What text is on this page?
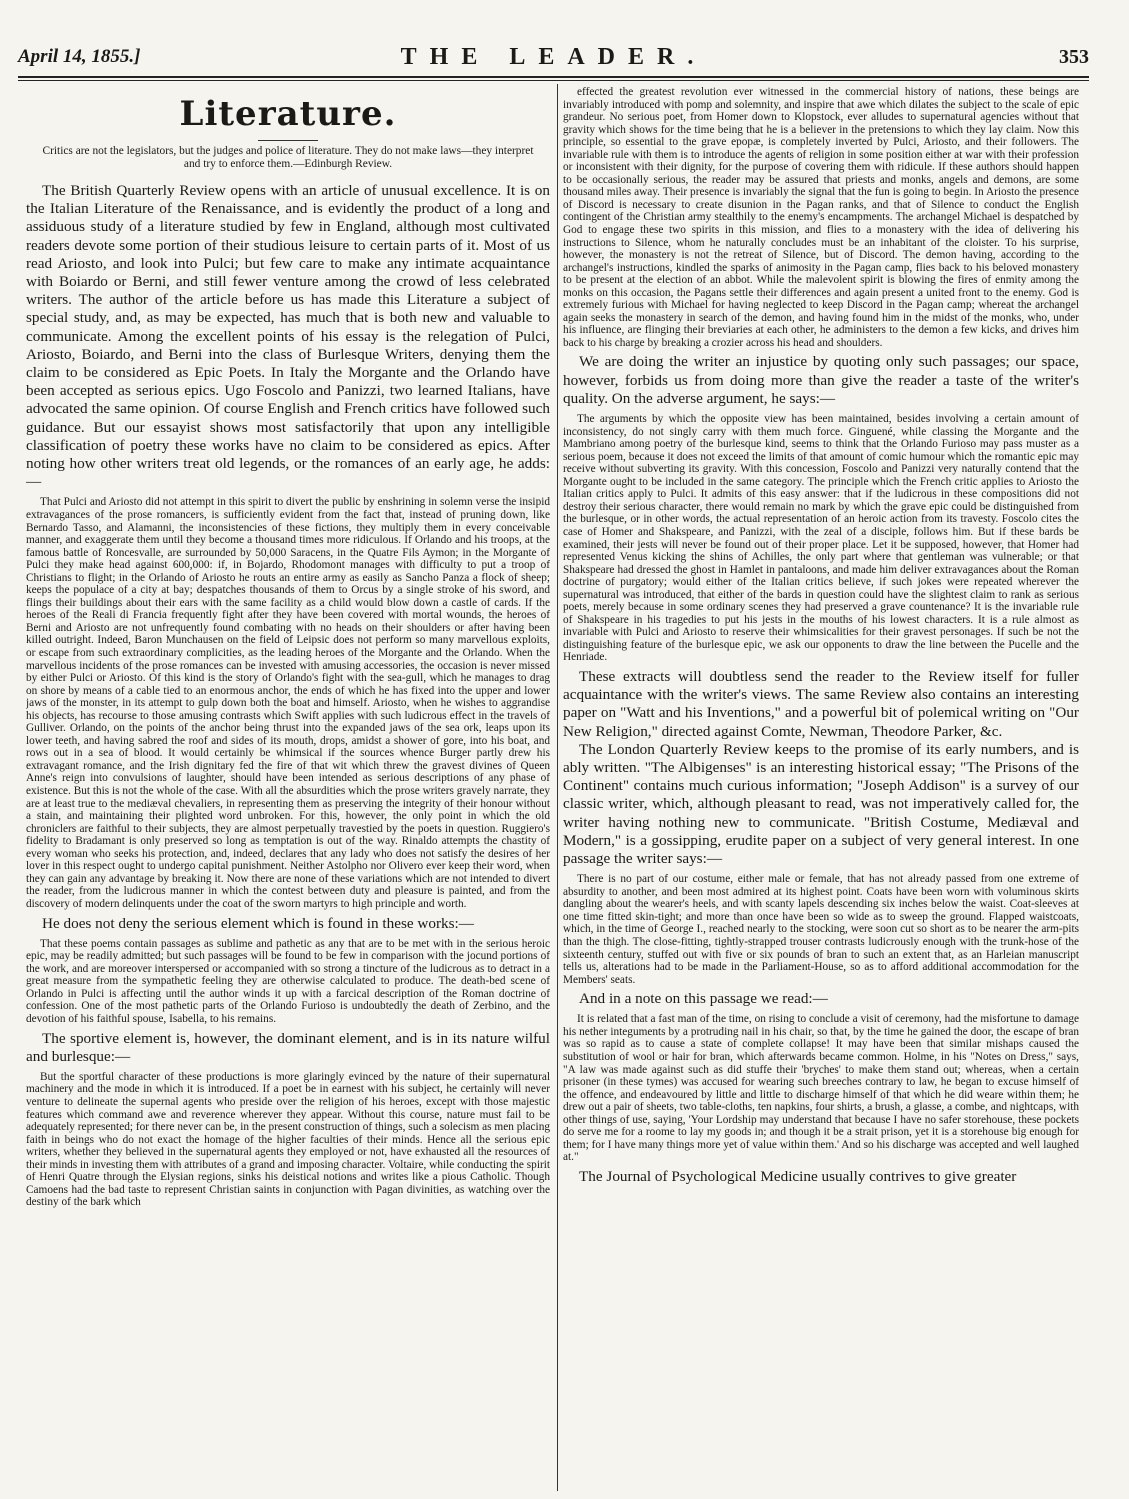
April 14, 1855.]	THE LEADER.	353
Literature.
Critics are not the legislators, but the judges and police of literature. They do not make laws—they interpret and try to enforce them.—Edinburgh Review.

The British Quarterly Review opens with an article of unusual excellence. It is on the Italian Literature of the Renaissance, and is evidently the product of a long and assiduous study of a literature studied by few in England, although most cultivated readers devote some portion of their studious leisure to certain parts of it. Most of us read Ariosto, and look into Pulci; but few care to make any intimate acquaintance with Boiardo or Berni, and still fewer venture among the crowd of less celebrated writers. The author of the article before us has made this Literature a subject of special study, and, as may be expected, has much that is both new and valuable to communicate. Among the excellent points of his essay is the relegation of Pulci, Ariosto, Boiardo, and Berni into the class of Burlesque Writers, denying them the claim to be considered as Epic Poets. In Italy the Morgante and the Orlando have been accepted as serious epics. Ugo Foscolo and Panizzi, two learned Italians, have advocated the same opinion. Of course English and French critics have followed such guidance. But our essayist shows most satisfactorily that upon any intelligible classification of poetry these works have no claim to be considered as epics. After noting how other writers treat old legends, or the romances of an early age, he adds:—

That Pulci and Ariosto did not attempt in this spirit to divert the public by enshrining in solemn verse the insipid extravagances of the prose romancers, is sufficiently evident from the fact that, instead of pruning down, like Bernardo Tasso, and Alamanni, the inconsistencies of these fictions, they multiply them in every conceivable manner, and exaggerate them until they become a thousand times more ridiculous. If Orlando and his troops, at the famous battle of Roncesvalle, are surrounded by 50,000 Saracens, in the Quatre Fils Aymon; in the Morgante of Pulci they make head against 600,000: if, in Bojardo, Rhodomont manages with difficulty to put a troop of Christians to flight; in the Orlando of Ariosto he routs an entire army as easily as Sancho Panza a flock of sheep; keeps the populace of a city at bay; despatches thousands of them to Orcus by a single stroke of his sword, and flings their buildings about their ears with the same facility as a child would blow down a castle of cards. If the heroes of the Reali di Francia frequently fight after they have been covered with mortal wounds, the heroes of Berni and Ariosto are not unfrequently found combating with no heads on their shoulders or after having been killed outright. Indeed, Baron Munchausen on the field of Leipsic does not perform so many marvellous exploits, or escape from such extraordinary complicities, as the leading heroes of the Morgante and the Orlando. When the marvellous incidents of the prose romances can be invested with amusing accessories, the occasion is never missed by either Pulci or Ariosto. Of this kind is the story of Orlando's fight with the sea-gull, which he manages to drag on shore by means of a cable tied to an enormous anchor, the ends of which he has fixed into the upper and lower jaws of the monster, in its attempt to gulp down both the boat and himself. Ariosto, when he wishes to aggrandise his objects, has recourse to those amusing contrasts which Swift applies with such ludicrous effect in the travels of Gulliver. Orlando, on the points of the anchor being thrust into the expanded jaws of the sea ork, leaps upon its lower teeth, and having sabred the roof and sides of its mouth, drops, amidst a shower of gore, into his boat, and rows out in a sea of blood. It would certainly be whimsical if the sources whence Burger partly drew his extravagant romance, and the Irish dignitary fed the fire of that wit which threw the gravest divines of Queen Anne's reign into convulsions of laughter, should have been intended as serious descriptions of any phase of existence. But this is not the whole of the case. With all the absurdities which the prose writers gravely narrate, they are at least true to the mediæval chevaliers, in representing them as preserving the integrity of their honour without a stain, and maintaining their plighted word unbroken. For this, however, the only point in which the old chroniclers are faithful to their subjects, they are almost perpetually travestied by the poets in question. Ruggiero's fidelity to Bradamant is only preserved so long as temptation is out of the way. Rinaldo attempts the chastity of every woman who seeks his protection, and, indeed, declares that any lady who does not satisfy the desires of her lover in this respect ought to undergo capital punishment. Neither Astolpho nor Olivero ever keep their word, when they can gain any advantage by breaking it. Now there are none of these variations which are not intended to divert the reader, from the ludicrous manner in which the contest between duty and pleasure is painted, and from the discovery of modern delinquents under the coat of the sworn martyrs to high principle and worth.

He does not deny the serious element which is found in these works:—

That these poems contain passages as sublime and pathetic as any that are to be met with in the serious heroic epic, may be readily admitted; but such passages will be found to be few in comparison with the jocund portions of the work, and are moreover interspersed or accompanied with so strong a tincture of the ludicrous as to detract in a great measure from the sympathetic feeling they are otherwise calculated to produce. The death-bed scene of Orlando in Pulci is affecting until the author winds it up with a farcical description of the Roman doctrine of confession. One of the most pathetic parts of the Orlando Furioso is undoubtedly the death of Zerbino, and the devotion of his faithful spouse, Isabella, to his remains.

The sportive element is, however, the dominant element, and is in its nature wilful and burlesque:—

But the sportful character of these productions is more glaringly evinced by the nature of their supernatural machinery and the mode in which it is introduced. If a poet be in earnest with his subject, he certainly will never venture to delineate the supernal agents who preside over the religion of his heroes, except with those majestic features which command awe and reverence wherever they appear. Without this course, nature must fail to be adequately represented; for there never can be, in the present construction of things, such a solecism as men placing faith in beings who do not exact the homage of the higher faculties of their minds. Hence all the serious epic writers, whether they believed in the supernatural agents they employed or not, have exhausted all the resources of their minds in investing them with attributes of a grand and imposing character. Voltaire, while conducting the spirit of Henri Quatre through the Elysian regions, sinks his deistical notions and writes like a pious Catholic. Though Camoens had the bad taste to represent Christian saints in conjunction with Pagan divinities, as watching over the destiny of the bark which

effected the greatest revolution ever witnessed in the commercial history of nations, these beings are invariably introduced with pomp and solemnity, and inspire that awe which dilates the subject to the scale of epic grandeur. No serious poet, from Homer down to Klopstock, ever alludes to supernatural agencies without that gravity which shows for the time being that he is a believer in the pretensions to which they lay claim. Now this principle, so essential to the grave epopæ, is completely inverted by Pulci, Ariosto, and their followers. The invariable rule with them is to introduce the agents of religion in some position either at war with their profession or inconsistent with their dignity, for the purpose of covering them with ridicule. If these authors should happen to be occasionally serious, the reader may be assured that priests and monks, angels and demons, are some thousand miles away. Their presence is invariably the signal that the fun is going to begin. In Ariosto the presence of Discord is necessary to create disunion in the Pagan ranks, and that of Silence to conduct the English contingent of the Christian army stealthily to the enemy's encampments. The archangel Michael is despatched by God to engage these two spirits in this mission, and flies to a monastery with the idea of delivering his instructions to Silence, whom he naturally concludes must be an inhabitant of the cloister. To his surprise, however, the monastery is not the retreat of Silence, but of Discord. The demon having, according to the archangel's instructions, kindled the sparks of animosity in the Pagan camp, flies back to his beloved monastery to be present at the election of an abbot. While the malevolent spirit is blowing the fires of enmity among the monks on this occasion, the Pagans settle their differences and again present a united front to the enemy. God is extremely furious with Michael for having neglected to keep Discord in the Pagan camp; whereat the archangel again seeks the monastery in search of the demon, and having found him in the midst of the monks, who, under his influence, are flinging their breviaries at each other, he administers to the demon a few kicks, and drives him back to his charge by breaking a crozier across his head and shoulders.

We are doing the writer an injustice by quoting only such passages; our space, however, forbids us from doing more than give the reader a taste of the writer's quality. On the adverse argument, he says:—

The arguments by which the opposite view has been maintained, besides involving a certain amount of inconsistency, do not singly carry with them much force. Ginguené, while classing the Morgante and the Mambriano among poetry of the burlesque kind, seems to think that the Orlando Furioso may pass muster as a serious poem, because it does not exceed the limits of that amount of comic humour which the romantic epic may receive without subverting its gravity. With this concession, Foscolo and Panizzi very naturally contend that the Morgante ought to be included in the same category. The principle which the French critic applies to Ariosto the Italian critics apply to Pulci. It admits of this easy answer: that if the ludicrous in these compositions did not destroy their serious character, there would remain no mark by which the grave epic could be distinguished from the burlesque, or in other words, the actual representation of an heroic action from its travesty. Foscolo cites the case of Homer and Shakspeare, and Panizzi, with the zeal of a disciple, follows him. But if these bards be examined, their jests will never be found out of their proper place. Let it be supposed, however, that Homer had represented Venus kicking the shins of Achilles, the only part where that gentleman was vulnerable; or that Shakspeare had dressed the ghost in Hamlet in pantaloons, and made him deliver extravagances about the Roman doctrine of purgatory; would either of the Italian critics believe, if such jokes were repeated wherever the supernatural was introduced, that either of the bards in question could have the slightest claim to rank as serious poets, merely because in some ordinary scenes they had preserved a grave countenance? It is the invariable rule of Shakspeare in his tragedies to put his jests in the mouths of his lowest characters. It is a rule almost as invariable with Pulci and Ariosto to reserve their whimsicalities for their gravest personages. If such be not the distinguishing feature of the burlesque epic, we ask our opponents to draw the line between the Pucelle and the Henriade.

These extracts will doubtless send the reader to the Review itself for fuller acquaintance with the writer's views. The same Review also contains an interesting paper on "Watt and his Inventions," and a powerful bit of polemical writing on "Our New Religion," directed against Comte, Newman, Theodore Parker, &c.

The London Quarterly Review keeps to the promise of its early numbers, and is ably written. "The Albigenses" is an interesting historical essay; "The Prisons of the Continent" contains much curious information; "Joseph Addison" is a survey of our classic writer, which, although pleasant to read, was not imperatively called for, the writer having nothing new to communicate. "British Costume, Mediæval and Modern," is a gossipping, erudite paper on a subject of very general interest. In one passage the writer says:—

There is no part of our costume, either male or female, that has not already passed from one extreme of absurdity to another, and been most admired at its highest point. Coats have been worn with voluminous skirts dangling about the wearer's heels, and with scanty lapels descending six inches below the waist. Coat-sleeves at one time fitted skin-tight; and more than once have been so wide as to sweep the ground. Flapped waistcoats, which, in the time of George I., reached nearly to the stocking, were soon cut so short as to be nearer the arm-pits than the thigh. The close-fitting, tightly-strapped trouser contrasts ludicrously enough with the trunk-hose of the sixteenth century, stuffed out with five or six pounds of bran to such an extent that, as an Harleian manuscript tells us, alterations had to be made in the Parliament-House, so as to afford additional accommodation for the Members' seats.

And in a note on this passage we read:—

It is related that a fast man of the time, on rising to conclude a visit of ceremony, had the misfortune to damage his nether integuments by a protruding nail in his chair, so that, by the time he gained the door, the escape of bran was so rapid as to cause a state of complete collapse! It may have been that similar mishaps caused the substitution of wool or hair for bran, which afterwards became common. Holme, in his "Notes on Dress," says, "A law was made against such as did stuffe their 'bryches' to make them stand out; whereas, when a certain prisoner (in these tymes) was accused for wearing such breeches contrary to law, he began to excuse himself of the offence, and endeavoured by little and little to discharge himself of that which he did weare within them; he drew out a pair of sheets, two table-cloths, ten napkins, four shirts, a brush, a glasse, a combe, and nightcaps, with other things of use, saying, 'Your Lordship may understand that because I have no safer storehouse, these pockets do serve me for a roome to lay my goods in; and though it be a strait prison, yet it is a storehouse big enough for them; for I have many things more yet of value within them.' And so his discharge was accepted and well laughed at."

The Journal of Psychological Medicine usually contrives to give greater
